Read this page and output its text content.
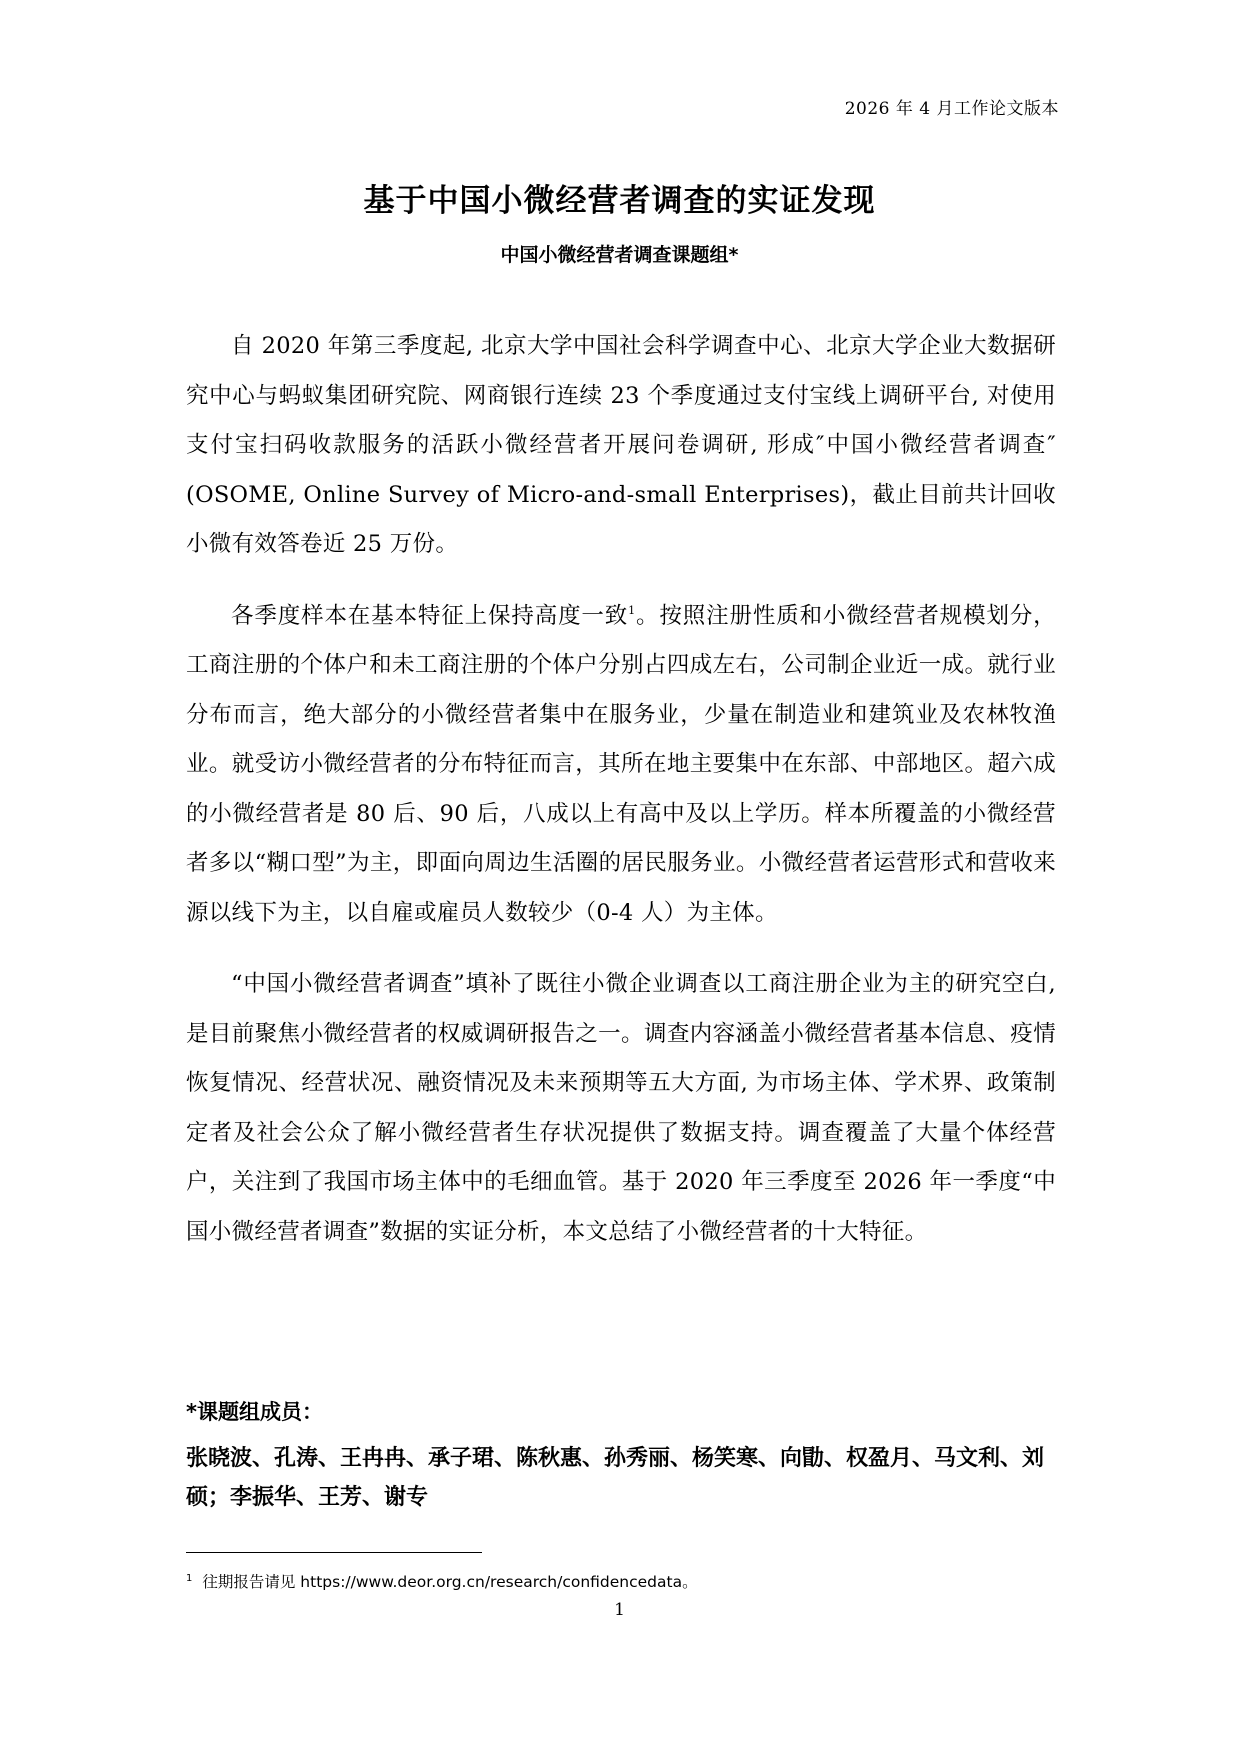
2026 年 4 月工作论文版本
基于中国小微经营者调查的实证发现
中国小微经营者调查课题组*

自 2020 年第三季度起, 北京大学中国社会科学调查中心、北京大学企业大数据研究中心与蚂蚁集团研究院、网商银行连续 23 个季度通过支付宝线上调研平台, 对使用支付宝扫码收款服务的活跃小微经营者开展问卷调研, 形成″中国小微经营者调查″(OSOME, Online Survey of Micro-and-small Enterprises)，截止目前共计回收小微有效答卷近 25 万份。

各季度样本在基本特征上保持高度一致$^1$。按照注册性质和小微经营者规模划分，工商注册的个体户和未工商注册的个体户分别占四成左右，公司制企业近一成。就行业分布而言，绝大部分的小微经营者集中在服务业，少量在制造业和建筑业及农林牧渔业。就受访小微经营者的分布特征而言，其所在地主要集中在东部、中部地区。超六成的小微经营者是 80 后、90 后，八成以上有高中及以上学历。样本所覆盖的小微经营者多以“糊口型”为主，即面向周边生活圈的居民服务业。小微经营者运营形式和营收来源以线下为主，以自雇或雇员人数较少（0-4 人）为主体。

“中国小微经营者调查”填补了既往小微企业调查以工商注册企业为主的研究空白, 是目前聚焦小微经营者的权威调研报告之一。调查内容涵盖小微经营者基本信息、疫情恢复情况、经营状况、融资情况及未来预期等五大方面, 为市场主体、学术界、政策制定者及社会公众了解小微经营者生存状况提供了数据支持。调查覆盖了大量个体经营户，关注到了我国市场主体中的毛细血管。基于 2020 年三季度至 2026 年一季度“中国小微经营者调查”数据的实证分析，本文总结了小微经营者的十大特征。

*课题组成员：
张晓波、孔涛、王冉冉、承子珺、陈秋惠、孙秀丽、杨笑寒、向勖、权盈月、马文利、刘硕；李振华、王芳、谢专
$^1$ 往期报告请见 https://www.deor.org.cn/research/confidencedata。
1
